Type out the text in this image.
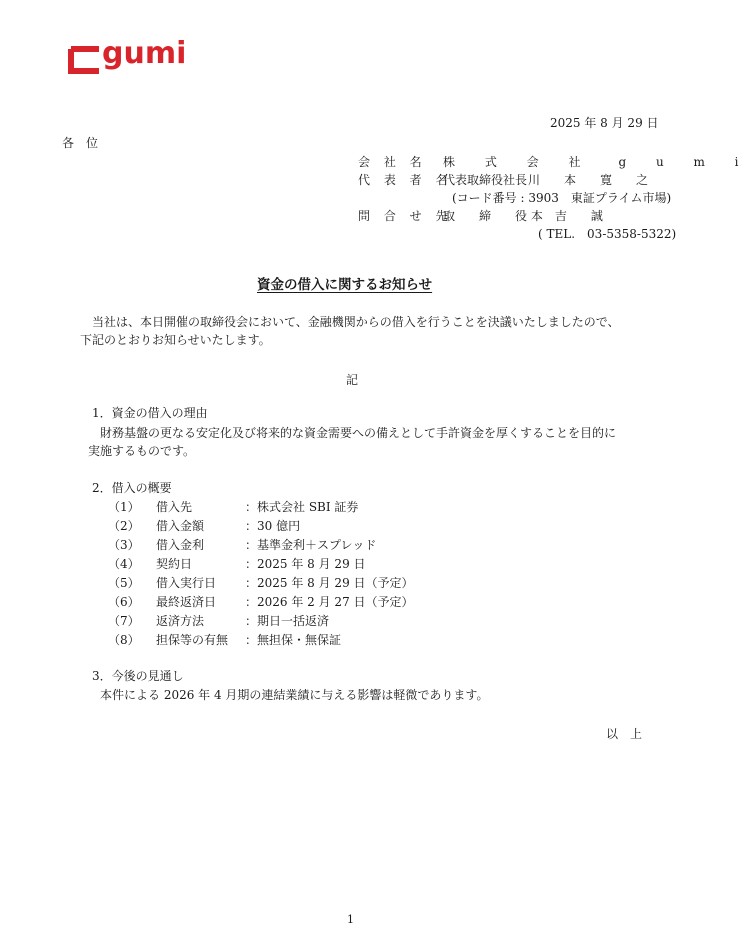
gumi
2025 年 8 月 29 日
各　位
会 社 名 株 式 会 社　g u m i
代 表 者 名
代表取締役社長 川　　本　　寛　　之
(コード番号 : 3903　東証プライム市場)
問 合 せ 先
取　　締　　役 本　吉　　誠
( TEL.　03-5358-5322)
資金の借入に関するお知らせ
当社は、本日開催の取締役会において、金融機関からの借入を行うことを決議いたしましたので、
下記のとおりお知らせいたします。
記
1．資金の借入の理由
財務基盤の更なる安定化及び将来的な資金需要への備えとして手許資金を厚くすることを目的に
実施するものです。
2．借入の概要
（1） 借入先	：株式会社 SBI 証券
（2） 借入金額	：30 億円
（3） 借入金利	：基準金利＋スプレッド
（4） 契約日	：2025 年 8 月 29 日
（5） 借入実行日 ：2025 年 8 月 29 日（予定）
（6） 最終返済日 ：2026 年 2 月 27 日（予定）
（7） 返済方法	：期日一括返済
（8） 担保等の有無 ：無担保・無保証
3．今後の見通し
本件による 2026 年 4 月期の連結業績に与える影響は軽微であります。
以　上
1
